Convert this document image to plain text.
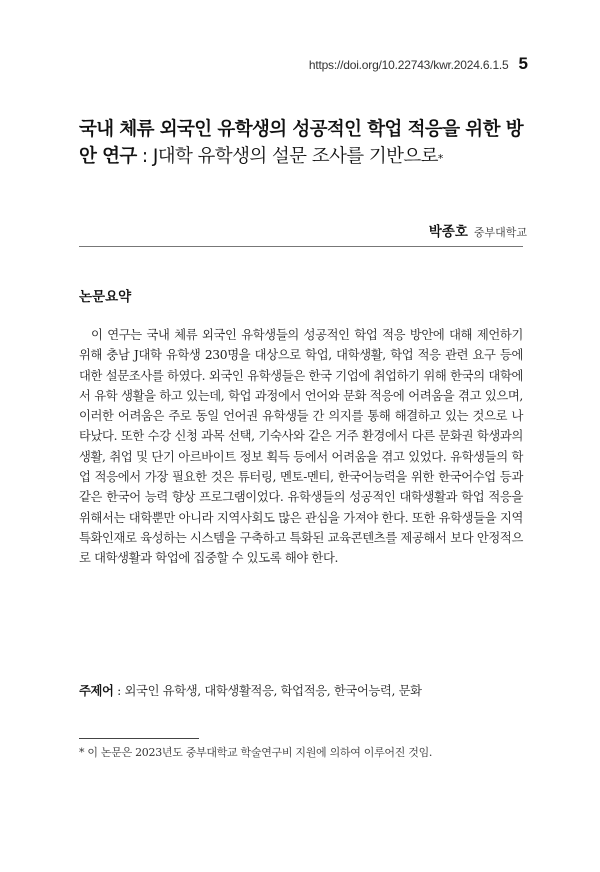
https://doi.org/10.22743/kwr.2024.6.1.5 5
국내 체류 외국인 유학생의 성공적인 학업 적응을 위한 방안 연구 : J대학 유학생의 설문 조사를 기반으로*
박종호 중부대학교
논문요약

이 연구는 국내 체류 외국인 유학생들의 성공적인 학업 적응 방안에 대해 제언하기 위해 충남 J대학 유학생 230명을 대상으로 학업, 대학생활, 학업 적응 관련 요구 등에 대한 설문조사를 하였다. 외국인 유학생들은 한국 기업에 취업하기 위해 한국의 대학에서 유학 생활을 하고 있는데, 학업 과정에서 언어와 문화 적응에 어려움을 겪고 있으며, 이러한 어려움은 주로 동일 언어권 유학생들 간 의지를 통해 해결하고 있는 것으로 나타났다. 또한 수강 신청 과목 선택, 기숙사와 같은 거주 환경에서 다른 문화권 학생과의 생활, 취업 및 단기 아르바이트 정보 획득 등에서 어려움을 겪고 있었다. 유학생들의 학업 적응에서 가장 필요한 것은 튜터링, 멘토-멘티, 한국어능력을 위한 한국어수업 등과 같은 한국어 능력 향상 프로그램이었다. 유학생들의 성공적인 대학생활과 학업 적응을 위해서는 대학뿐만 아니라 지역사회도 많은 관심을 가져야 한다. 또한 유학생들을 지역특화인재로 육성하는 시스템을 구축하고 특화된 교육콘텐츠를 제공해서 보다 안정적으로 대학생활과 학업에 집중할 수 있도록 해야 한다.

주제어 : 외국인 유학생, 대학생활적응, 학업적응, 한국어능력, 문화
* 이 논문은 2023년도 중부대학교 학술연구비 지원에 의하여 이루어진 것임.
